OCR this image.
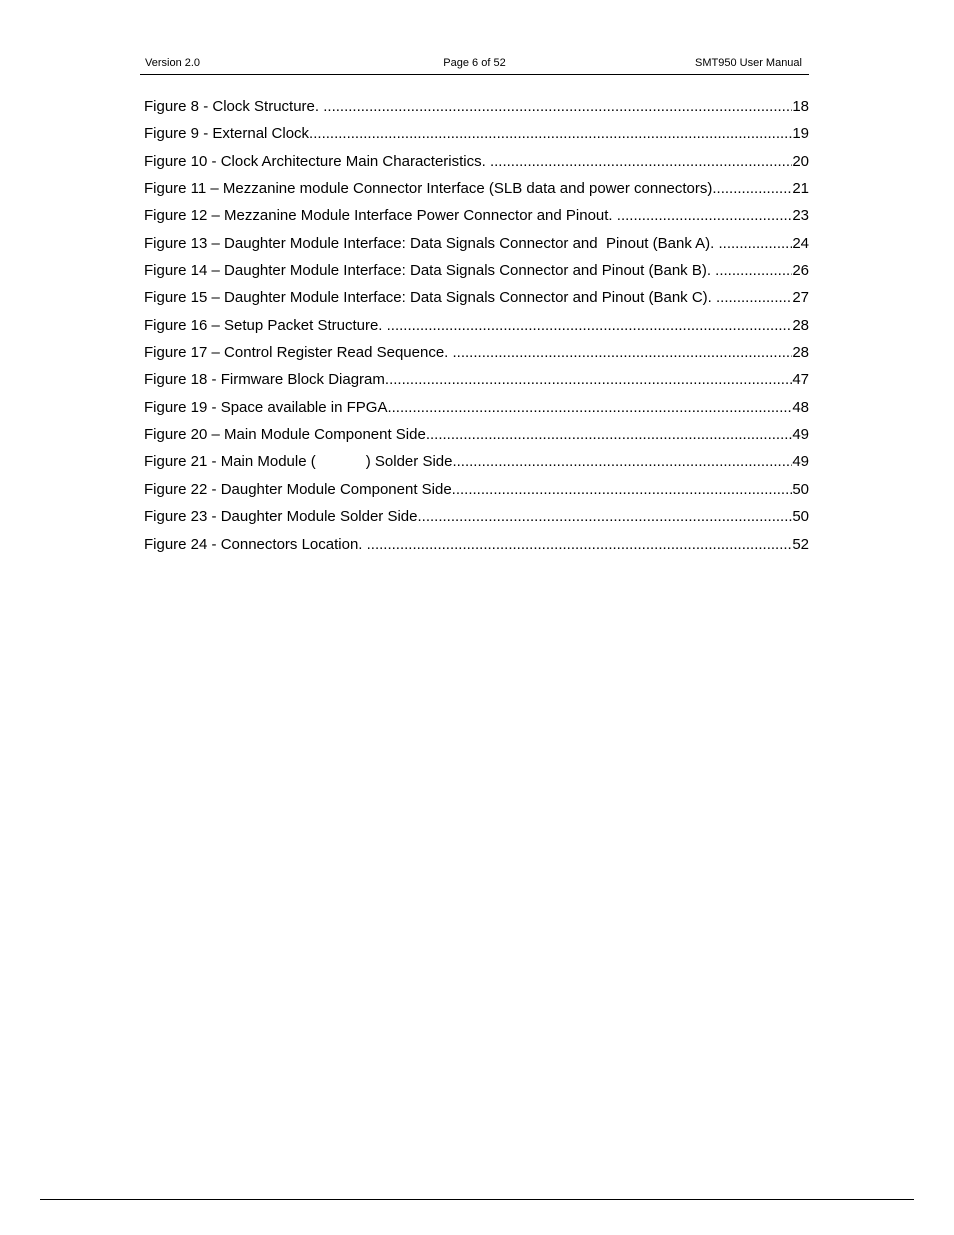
Version 2.0	Page 6 of 52	SMT950 User Manual
Figure 8 - Clock Structure. .....	18
Figure 9 - External Clock. .....	19
Figure 10 - Clock Architecture Main Characteristics. .....	20
Figure 11 – Mezzanine module Connector Interface (SLB data and power connectors). .....	21
Figure 12 – Mezzanine Module Interface Power Connector and Pinout. .....	23
Figure 13 – Daughter Module Interface: Data Signals Connector and  Pinout (Bank A). .....	24
Figure 14 – Daughter Module Interface: Data Signals Connector and Pinout (Bank B). .....	26
Figure 15 – Daughter Module Interface: Data Signals Connector and Pinout (Bank C). .....	27
Figure 16 – Setup Packet Structure. .....	28
Figure 17 – Control Register Read Sequence. .....	28
Figure 18 - Firmware Block Diagram. .....	47
Figure 19 - Space available in FPGA .....	48
Figure 20 – Main Module Component Side. .....	49
Figure 21 - Main Module (            ) Solder Side. .....	49
Figure 22 - Daughter Module Component Side. .....	50
Figure 23 - Daughter Module Solder Side. .....	50
Figure 24 - Connectors Location. .....	52
